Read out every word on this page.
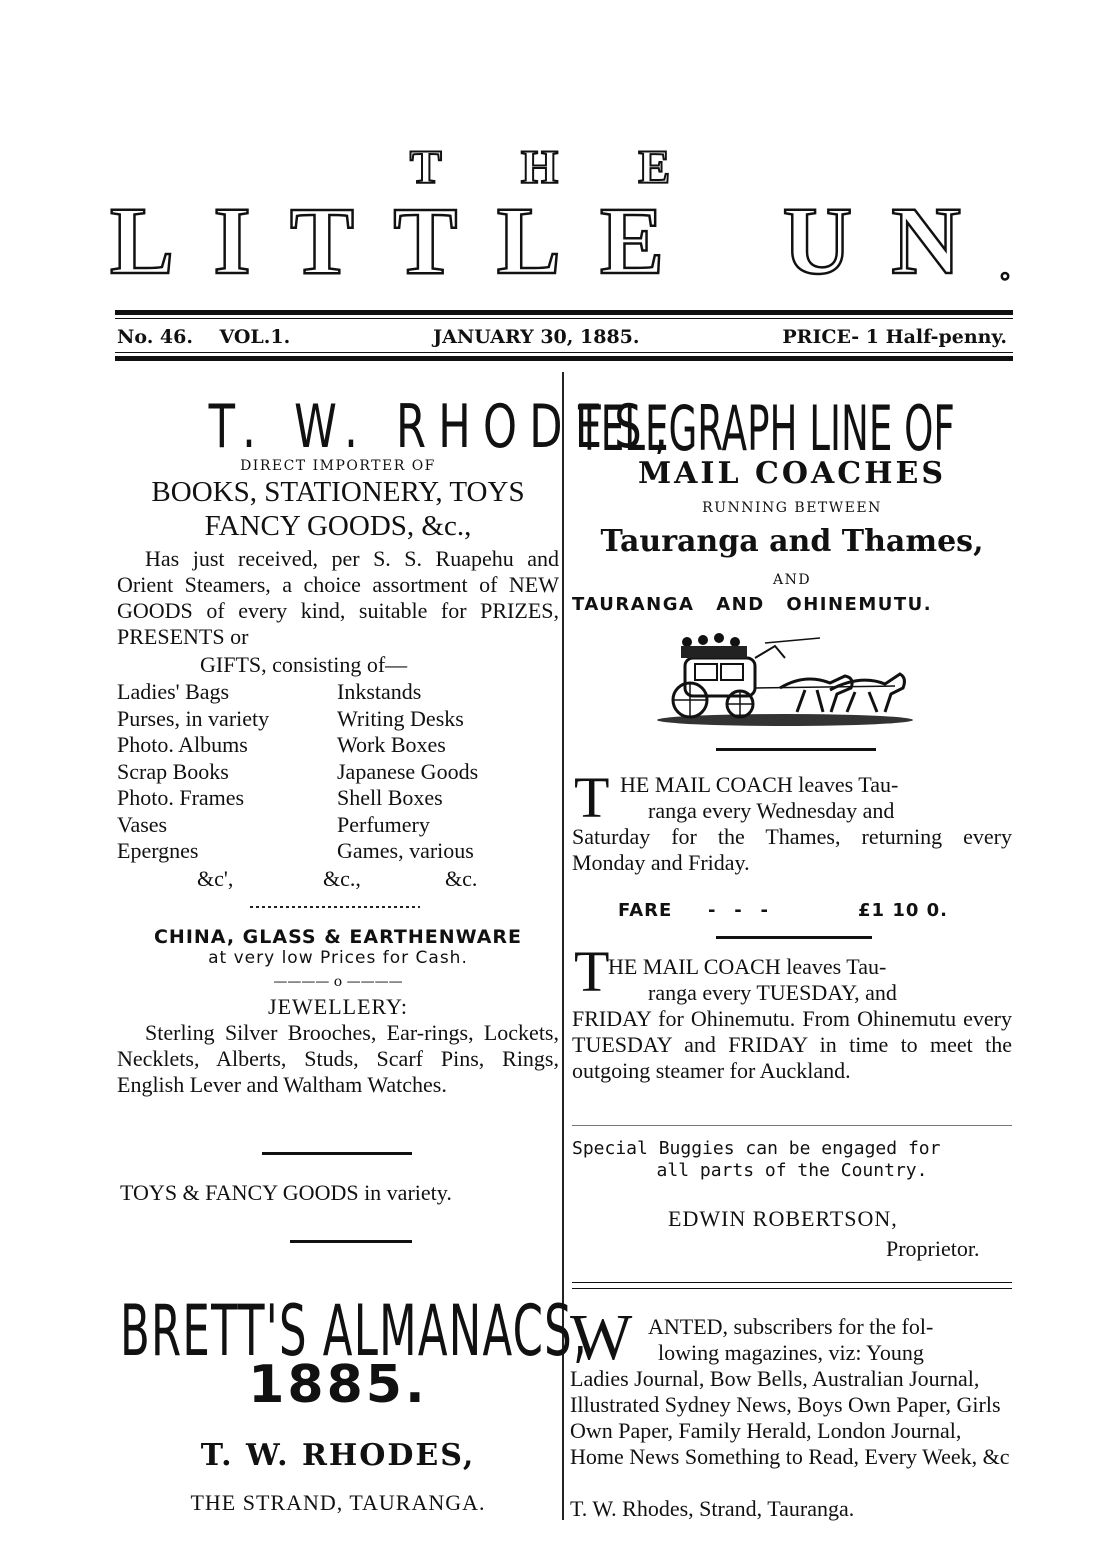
T H E
L I T T L E U N .
No. 46. VOL.1.	JANUARY 30, 1885.	PRICE- 1 Half-penny.
T. W. RHODES,
DIRECT IMPORTER OF
BOOKS, STATIONERY, TOYS
FANCY GOODS, &c.,
Has just received, per S. S. Ruapehu and Orient Steamers, a choice assortment of NEW GOODS of every kind, suitable for PRIZES, PRESENTS or
GIFTS, consisting of—
Ladies' Bags	Inkstands
Purses, in variety	Writing Desks
Photo. Albums	Work Boxes
Scrap Books	Japanese Goods
Photo. Frames	Shell Boxes
Vases	Perfumery
Epergnes	Games, various
&c',	&c.,	&c.
CHINA, GLASS & EARTHENWARE
at very low Prices for Cash.
———— o ————
JEWELLERY:
Sterling Silver Brooches, Ear-rings, Lockets, Necklets, Alberts, Studs, Scarf Pins, Rings, English Lever and Waltham Watches.
TOYS & FANCY GOODS in variety.
BRETT'S ALMANACS,
1885.
T. W. RHODES,
THE STRAND, TAURANGA.
TELEGRAPH LINE OF
MAIL COACHES
RUNNING BETWEEN
Tauranga and Thames,
AND
TAURANGA AND OHINEMUTU.
T HE MAIL COACH leaves Tau-
ranga every Wednesday and
Saturday for the Thames, returning every Monday and Friday.
FARE -   -   -	£1 10 0.
T
HE MAIL COACH leaves Tau-
ranga every TUESDAY, and
FRIDAY for Ohinemutu. From Ohinemutu every TUESDAY and FRIDAY in time to meet the outgoing steamer for Auckland.
Special Buggies can be engaged for
all parts of the Country.
EDWIN ROBERTSON,
Proprietor.
W ANTED, subscribers for the fol-
lowing magazines, viz: Young
Ladies Journal, Bow Bells, Australian Journal, Illustrated Sydney News, Boys Own Paper, Girls Own Paper, Family Herald, London Journal, Home News Something to Read, Every Week, &c
T. W. Rhodes, Strand, Tauranga.
